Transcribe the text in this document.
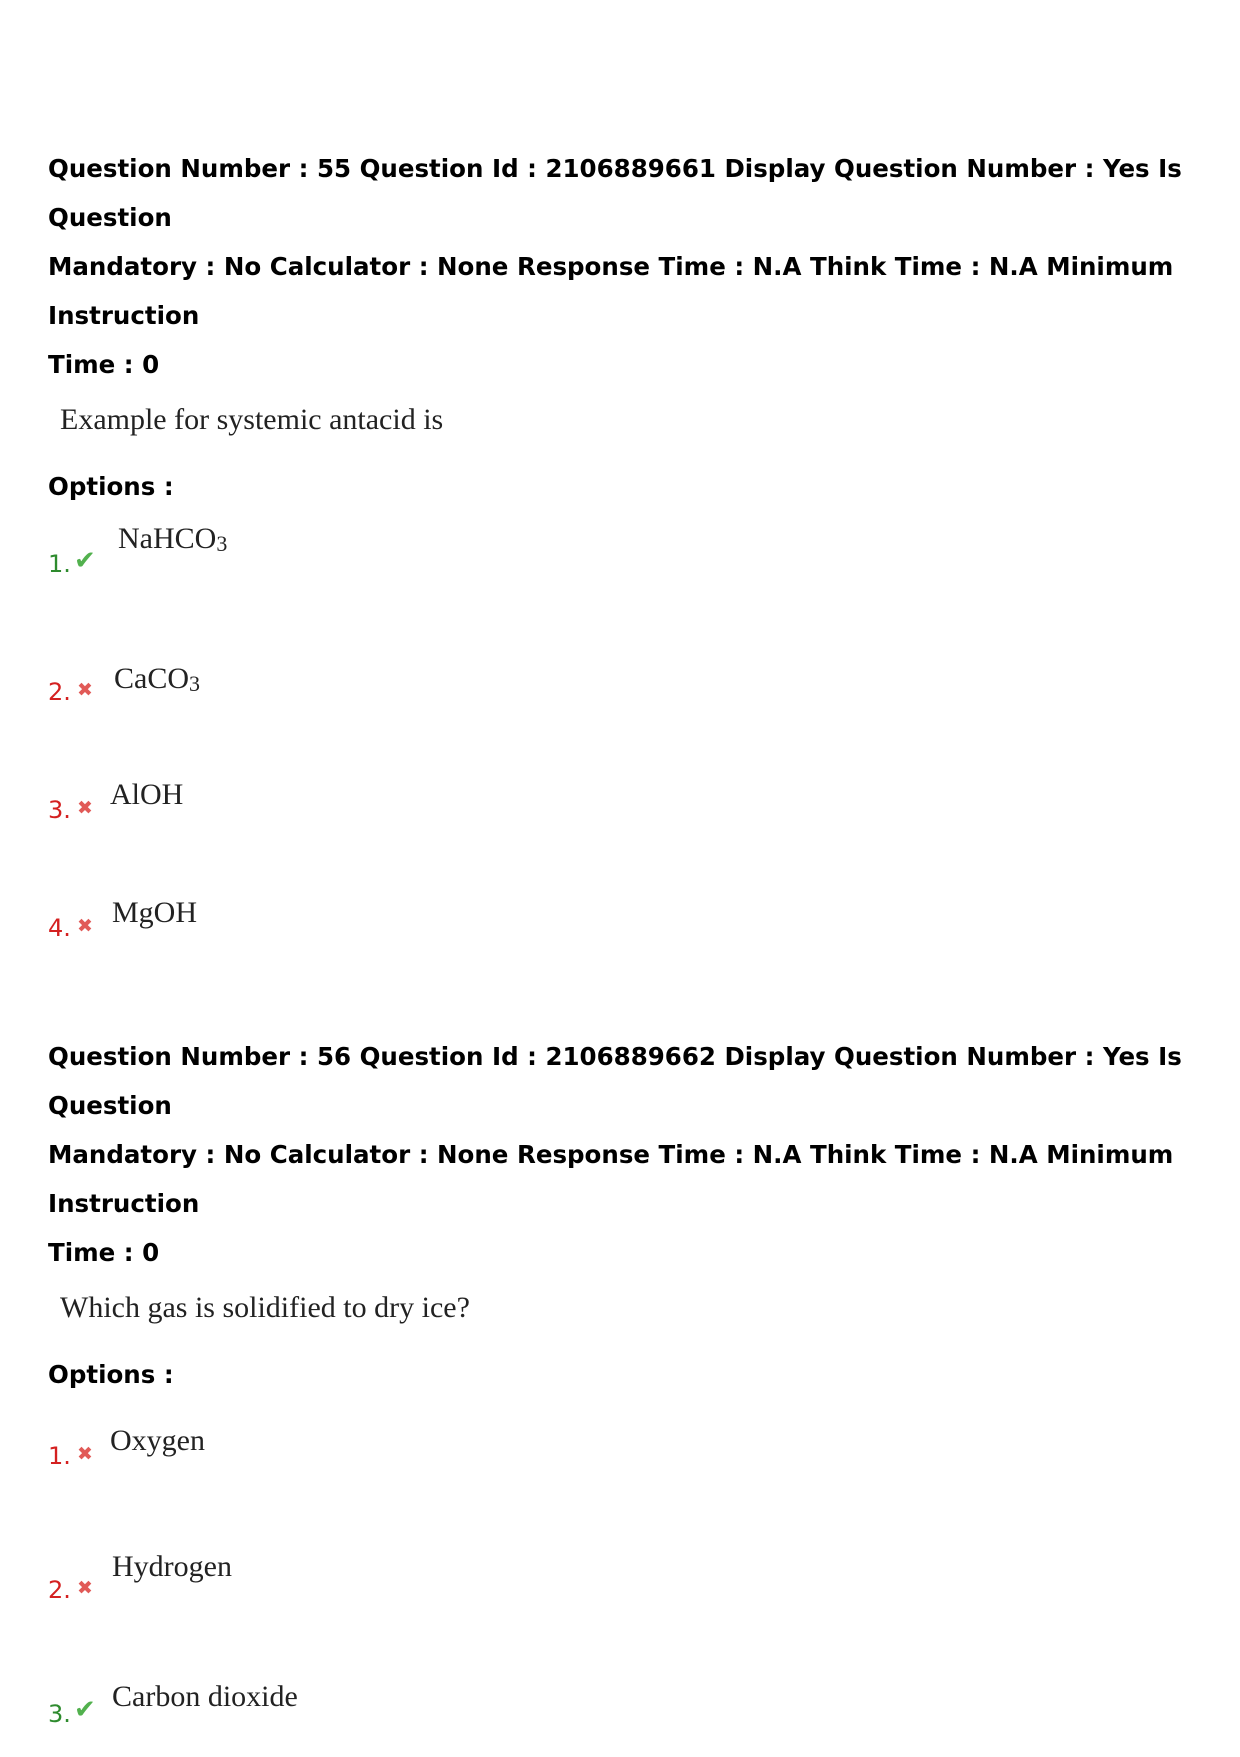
Question Number : 55 Question Id : 2106889661 Display Question Number : Yes Is Question
Mandatory : No Calculator : None Response Time : N.A Think Time : N.A Minimum Instruction
Time : 0

Example for systemic antacid is
Options :
1. ✔
NaHCO$_3$
2. ✖ CaCO$_3$
3. ✖ AlOH
4. ✖ MgOH

Question Number : 56 Question Id : 2106889662 Display Question Number : Yes Is Question
Mandatory : No Calculator : None Response Time : N.A Think Time : N.A Minimum Instruction
Time : 0

Which gas is solidified to dry ice?
Options :
1. ✖ Oxygen
2. ✖
Hydrogen
3. ✔ Carbon dioxide
